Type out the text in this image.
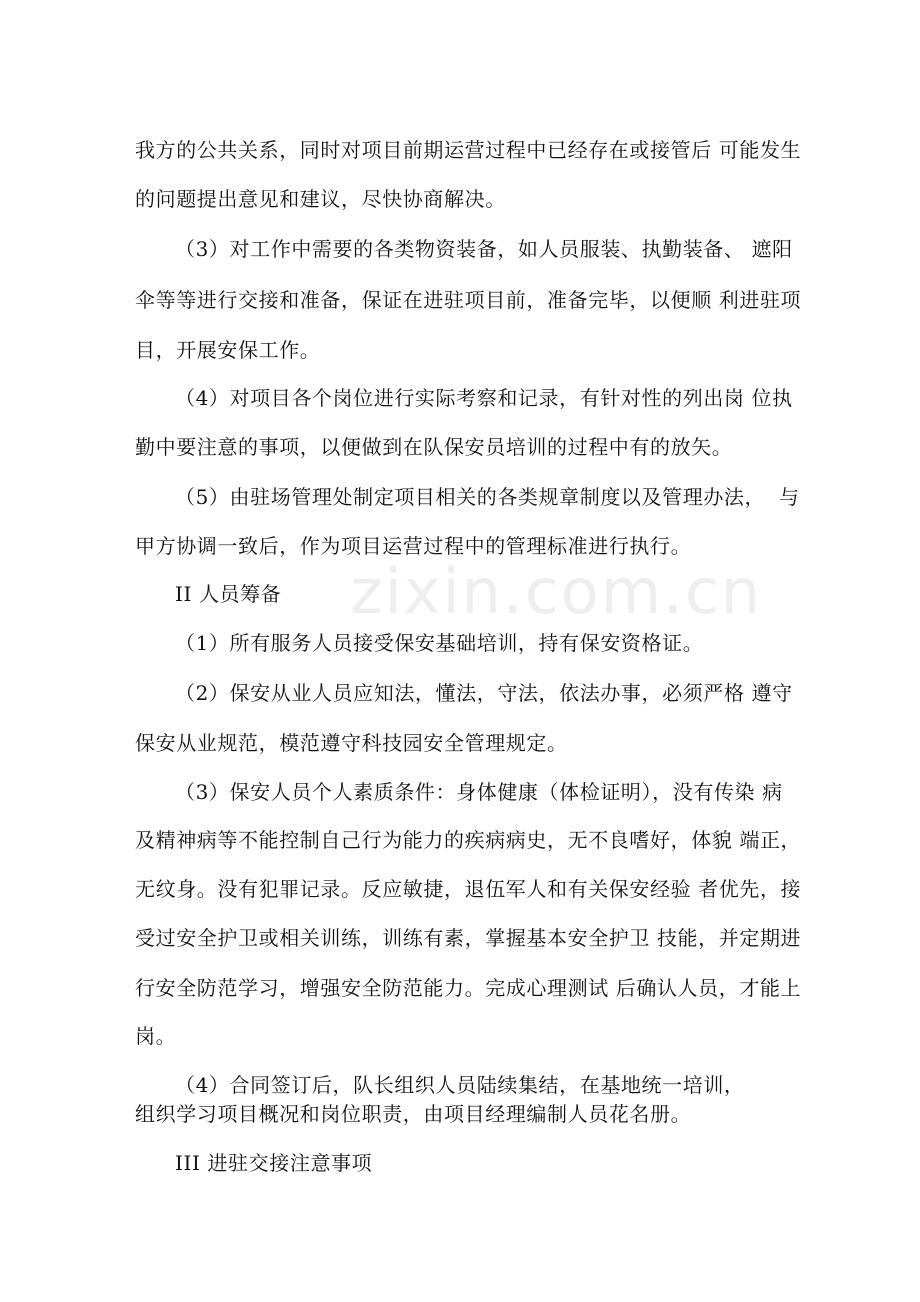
zixin.com.cn
我方的公共关系，同时对项目前期运营过程中已经存在或接管后 可能发生
的问题提出意见和建议，尽快协商解决。
（3）对工作中需要的各类物资装备，如人员服装、执勤装备、 遮阳
伞等等进行交接和准备，保证在进驻项目前，准备完毕，以便顺 利进驻项
目，开展安保工作。
（4）对项目各个岗位进行实际考察和记录，有针对性的列出岗 位执
勤中要注意的事项，以便做到在队保安员培训的过程中有的放矢。
（5）由驻场管理处制定项目相关的各类规章制度以及管理办法，  与
甲方协调一致后，作为项目运营过程中的管理标准进行执行。
II 人员筹备
（1）所有服务人员接受保安基础培训，持有保安资格证。
（2）保安从业人员应知法，懂法，守法，依法办事，必须严格 遵守
保安从业规范，模范遵守科技园安全管理规定。
（3）保安人员个人素质条件：身体健康（体检证明），没有传染 病
及精神病等不能控制自己行为能力的疾病病史，无不良嗜好，体貌 端正，
无纹身。没有犯罪记录。反应敏捷，退伍军人和有关保安经验 者优先，接
受过安全护卫或相关训练，训练有素，掌握基本安全护卫 技能，并定期进
行安全防范学习，增强安全防范能力。完成心理测试 后确认人员，才能上
岗。
（4）合同签订后，队长组织人员陆续集结，在基地统一培训，
组织学习项目概况和岗位职责，由项目经理编制人员花名册。
III 进驻交接注意事项
